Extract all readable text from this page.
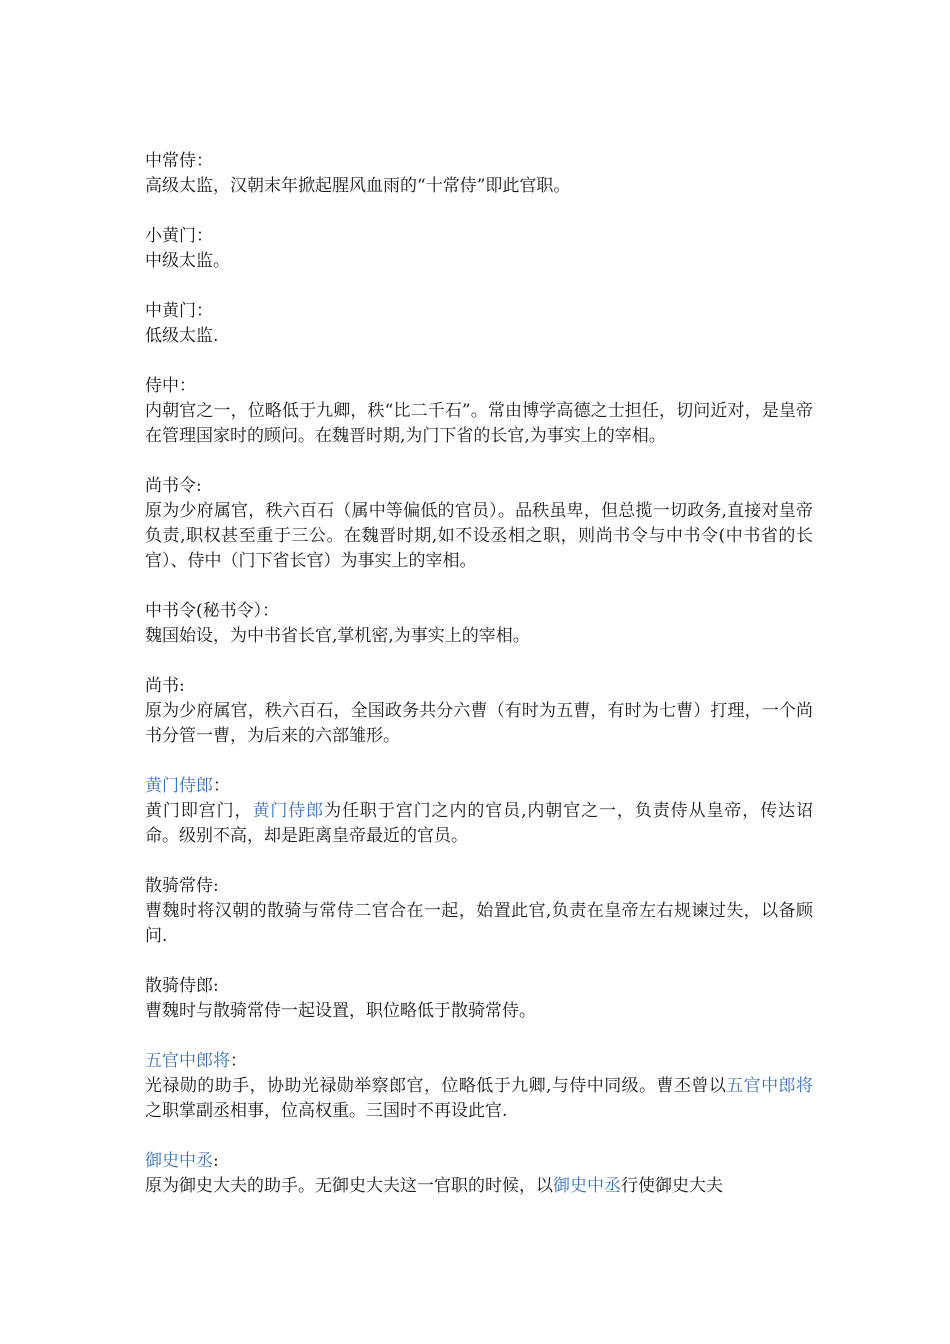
中常侍：

高级太监，汉朝末年掀起腥风血雨的“十常侍”即此官职。

小黄门：

中级太监。

中黄门：

低级太监.

侍中：

内朝官之一，位略低于九卿，秩“比二千石”。常由博学高德之士担任，切问近对，是皇帝在管理国家时的顾问。在魏晋时期,为门下省的长官,为事实上的宰相。

尚书令:

原为少府属官，秩六百石（属中等偏低的官员）。品秩虽卑，但总揽一切政务,直接对皇帝负责,职权甚至重于三公。在魏晋时期,如不设丞相之职，则尚书令与中书令(中书省的长官）、侍中（门下省长官）为事实上的宰相。

中书令(秘书令）：

魏国始设，为中书省长官,掌机密,为事实上的宰相。

尚书:

原为少府属官，秩六百石，全国政务共分六曹（有时为五曹，有时为七曹）打理，一个尚书分管一曹，为后来的六部雏形。

黄门侍郎：

黄门即宫门，黄门侍郎为任职于宫门之内的官员,内朝官之一，负责侍从皇帝，传达诏命。级别不高，却是距离皇帝最近的官员。

散骑常侍:

曹魏时将汉朝的散骑与常侍二官合在一起，始置此官,负责在皇帝左右规谏过失，以备顾问.

散骑侍郎:

曹魏时与散骑常侍一起设置，职位略低于散骑常侍。

五官中郎将：

光禄勋的助手，协助光禄勋举察郎官，位略低于九卿,与侍中同级。曹丕曾以五官中郎将之职掌副丞相事，位高权重。三国时不再设此官.

御史中丞:

原为御史大夫的助手。无御史大夫这一官职的时候，以御史中丞行使御史大夫
